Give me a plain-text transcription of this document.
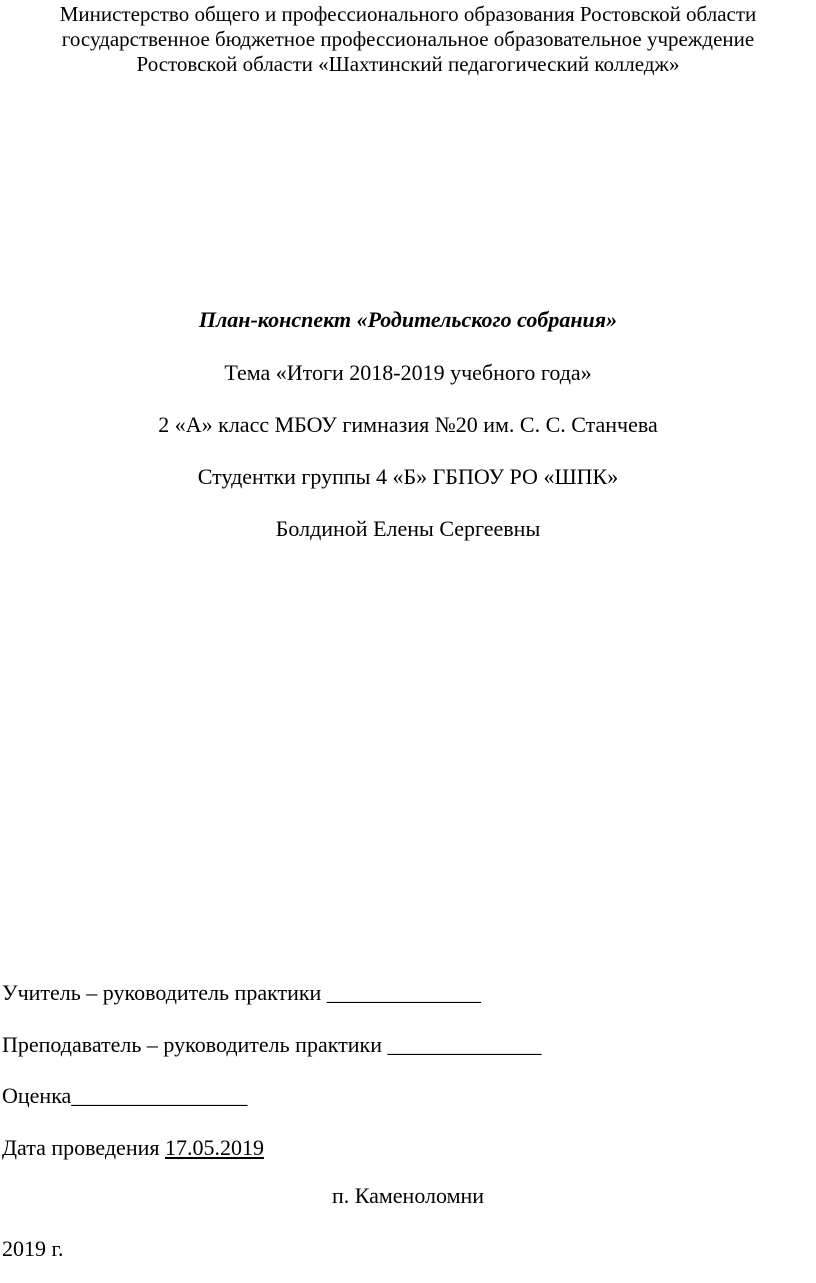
Министерство общего и профессионального образования Ростовской области
государственное бюджетное профессиональное образовательное учреждение
Ростовской области «Шахтинский педагогический колледж»
План-конспект «Родительского собрания»
Тема «Итоги 2018-2019 учебного года»
2 «А» класс МБОУ гимназия №20 им. С. С. Станчева
Студентки группы 4 «Б» ГБПОУ РО «ШПК»
Болдиной Елены Сергеевны
Учитель – руководитель практики ______________
Преподаватель – руководитель практики ______________
Оценка________________
Дата проведения 17.05.2019
п. Каменоломни
2019 г.
